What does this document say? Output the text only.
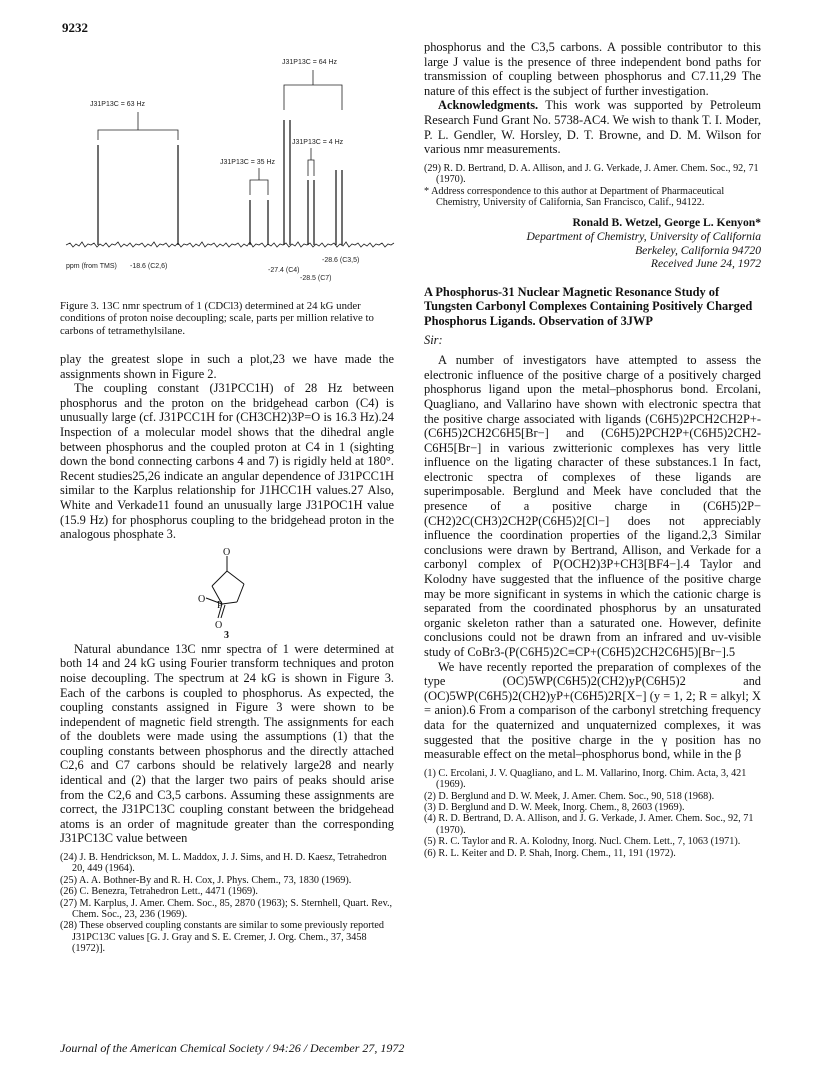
9232
J31P13C = 64 Hz
J31P13C = 63 Hz
J31P13C = 4 Hz
J31P13C = 35 Hz
ppm (from TMS) -18.6 (C2,6)
-28.6 (C3,5)
-27.4 (C4)
-28.5 (C7)
Figure 3. 13C nmr spectrum of 1 (CDCl3) determined at 24 kG under conditions of proton noise decoupling; scale, parts per million relative to carbons of tetramethylsilane.

play the greatest slope in such a plot,23 we have made the assignments shown in Figure 2.

The coupling constant (J31PCC1H) of 28 Hz between phosphorus and the proton on the bridgehead carbon (C4) is unusually large (cf. J31PCC1H for (CH3CH2)3P=O is 16.3 Hz).24 Inspection of a molecular model shows that the dihedral angle between phosphorus and the coupled proton at C4 in 1 (sighting down the bond connecting carbons 4 and 7) is rigidly held at 180°. Recent studies25,26 indicate an angular dependence of J31PCC1H similar to the Karplus relationship for J1HCC1H values.27 Also, White and Verkade11 found an unusually large J31POC1H value (15.9 Hz) for phosphorus coupling to the bridgehead proton in the analogous phosphate 3.

O
P
O
O
3

Natural abundance 13C nmr spectra of 1 were determined at both 14 and 24 kG using Fourier transform techniques and proton noise decoupling. The spectrum at 24 kG is shown in Figure 3. Each of the carbons is coupled to phosphorus. As expected, the coupling constants assigned in Figure 3 were shown to be independent of magnetic field strength. The assignments for each of the doublets were made using the assumptions (1) that the coupling constants between phosphorus and the directly attached C2,6 and C7 carbons should be relatively large28 and nearly identical and (2) that the larger two pairs of peaks should arise from the C2,6 and C3,5 carbons. Assuming these assignments are correct, the J31PC13C coupling constant between the bridgehead atoms is an order of magnitude greater than the corresponding J31PC13C value between

(24) J. B. Hendrickson, M. L. Maddox, J. J. Sims, and H. D. Kaesz, Tetrahedron 20, 449 (1964).
(25) A. A. Bothner-By and R. H. Cox, J. Phys. Chem., 73, 1830 (1969).
(26) C. Benezra, Tetrahedron Lett., 4471 (1969).
(27) M. Karplus, J. Amer. Chem. Soc., 85, 2870 (1963); S. Sternhell, Quart. Rev., Chem. Soc., 23, 236 (1969).
(28) These observed coupling constants are similar to some previously reported J31PC13C values [G. J. Gray and S. E. Cremer, J. Org. Chem., 37, 3458 (1972)].

phosphorus and the C3,5 carbons. A possible contributor to this large J value is the presence of three independent bond paths for transmission of coupling between phosphorus and C7.11,29 The nature of this effect is the subject of further investigation.

Acknowledgments. This work was supported by Petroleum Research Fund Grant No. 5738-AC4. We wish to thank T. I. Moder, P. L. Gendler, W. Horsley, D. T. Browne, and D. M. Wilson for various nmr measurements.

(29) R. D. Bertrand, D. A. Allison, and J. G. Verkade, J. Amer. Chem. Soc., 92, 71 (1970).
* Address correspondence to this author at Department of Pharmaceutical Chemistry, University of California, San Francisco, Calif., 94122.
Ronald B. Wetzel, George L. Kenyon*
Department of Chemistry, University of California
Berkeley, California 94720
Received June 24, 1972
A Phosphorus-31 Nuclear Magnetic Resonance Study of Tungsten Carbonyl Complexes Containing Positively Charged Phosphorus Ligands. Observation of 3JWP
Sir:

A number of investigators have attempted to assess the electronic influence of the positive charge of a positively charged phosphorus ligand upon the metal–phosphorus bond. Ercolani, Quagliano, and Vallarino have shown with electronic spectra that the positive charge associated with ligands (C6H5)2PCH2CH2P+-(C6H5)2CH2C6H5[Br−] and (C6H5)2PCH2P+(C6H5)2CH2-C6H5[Br−] in various zwitterionic complexes has very little influence on the ligating character of these substances.1 In fact, electronic spectra of complexes of these ligands are superimposable. Berglund and Meek have concluded that the presence of a positive charge in (C6H5)2P−(CH2)2C(CH3)2CH2P(C6H5)2[Cl−] does not appreciably influence the coordination properties of the ligand.2,3 Similar conclusions were drawn by Bertrand, Allison, and Verkade for a carbonyl complex of P(OCH2)3P+CH3[BF4−].4 Taylor and Kolodny have suggested that the influence of the positive charge may be more significant in systems in which the cationic charge is separated from the coordinated phosphorus by an unsaturated organic skeleton rather than a saturated one. However, definite conclusions could not be drawn from an infrared and uv-visible study of CoBr3-(P(C6H5)2C≡CP+(C6H5)2CH2C6H5)[Br−].5

We have recently reported the preparation of complexes of the type (OC)5WP(C6H5)2(CH2)yP(C6H5)2 and (OC)5WP(C6H5)2(CH2)yP+(C6H5)2R[X−] (y = 1, 2; R = alkyl; X = anion).6 From a comparison of the carbonyl stretching frequency data for the quaternized and unquaternized complexes, it was suggested that the positive charge in the γ position has no measurable effect on the metal–phosphorus bond, while in the β

(1) C. Ercolani, J. V. Quagliano, and L. M. Vallarino, Inorg. Chim. Acta, 3, 421 (1969).
(2) D. Berglund and D. W. Meek, J. Amer. Chem. Soc., 90, 518 (1968).
(3) D. Berglund and D. W. Meek, Inorg. Chem., 8, 2603 (1969).
(4) R. D. Bertrand, D. A. Allison, and J. G. Verkade, J. Amer. Chem. Soc., 92, 71 (1970).
(5) R. C. Taylor and R. A. Kolodny, Inorg. Nucl. Chem. Lett., 7, 1063 (1971).
(6) R. L. Keiter and D. P. Shah, Inorg. Chem., 11, 191 (1972).
Journal of the American Chemical Society / 94:26 / December 27, 1972
